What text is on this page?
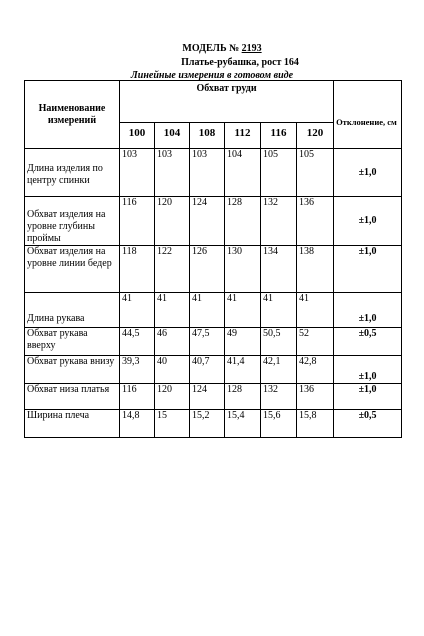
МОДЕЛЬ № 2193
Платье-рубашка, рост 164
Линейные измерения в готовом виде
Наименование измерений	Обхват груди						Отклонение, см
	100	104	108	112	116	120	
Длина изделия по центру спинки	103	103	103	104	105	105	±1,0
Обхват изделия на уровне глубины проймы	116	120	124	128	132	136	±1,0
Обхват изделия на уровне линии бедер	118	122	126	130	134	138	±1,0
Длина рукава	41	41	41	41	41	41	±1,0
Обхват рукава вверху	44,5	46	47,5	49	50,5	52	±0,5
Обхват рукава внизу	39,3	40	40,7	41,4	42,1	42,8	±1,0
Обхват низа платья	116	120	124	128	132	136	±1,0
Ширина плеча	14,8	15	15,2	15,4	15,6	15,8	±0,5
